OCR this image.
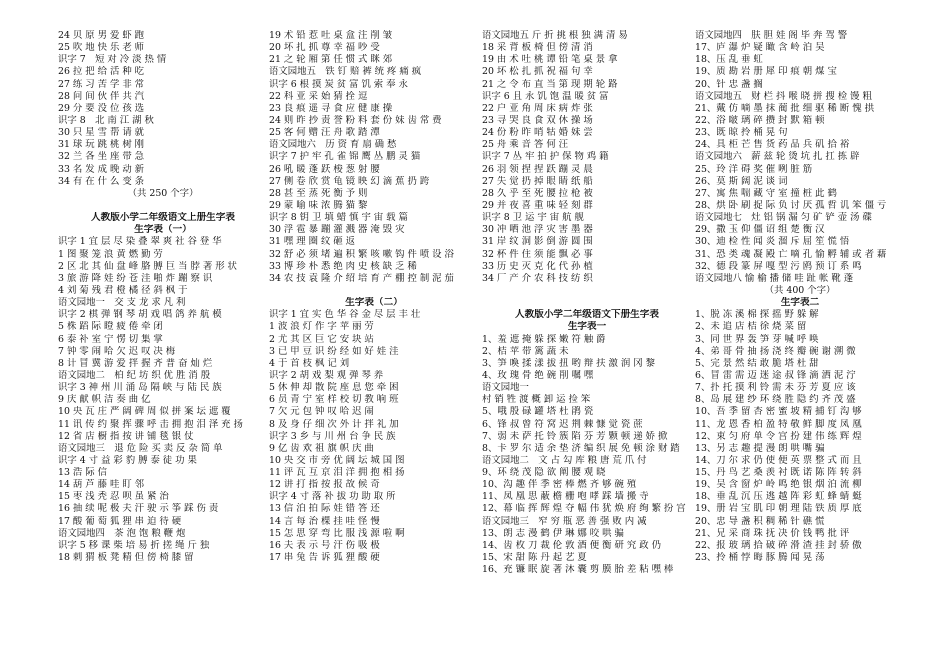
24 贝 原 男 爱 虾 跑
25 吹 地 快 乐 老 师
识字 7　短 对 冷 淡 热 情
26 拉 把 给 活 种 吃
27 练 习 苦 学 非 常
28 问 间 伙 伴 共 汽
29 分 要 没 位 孩 选
识字 8　北 南 江 湖 秋
30 只 星 雪 帮 请 就
31 球 玩 跳 桃 树 刚
32 兰 各 坐 座 带 急
33 名 发 成 晚 动 新
34 有 在 什 么 变 条
（共 250 个字）
人教版小学二年级语文上册生字表
生字表（一）
识字 1 宜 层 尽 染 叠 翠 爽 社 谷 登 华
1 图 聚 笼 浪 黄 燃 勤 劳
2 区 北 其 仙 盘 峰 胳 膊 巨 当 脖 著 形 状
3 旅 游 降 娃 纷 苍 洼 啪 炸 蹦 察 识
4 刘 菊 残 君 橙 橘 径 斜 枫 于
语文园地一　交 支 龙 求 凡 利
识字 2 棋 弹 钢 琴 胡 戏 唱 鸽 养 航 模
5 株 蹈 际 瞪 疲 倦 牵 闭
6 泰 补 室 宁 愣 切 集 掌
7 钟 零 闹 哈 欠 迟 叹 决 梅
8 计 冒 冀 游 爱 拌 握 齐 普 奋 灿 烂
语文园地二　柏 纪 坊 织 优 胜 消 殷
识字 3 神 州 川 涌 岛 隔 峡 与 陆 民 族
9 庆 献 帜 洁 奏 曲 亿
10 央 瓦 庄 严 阔 碑 周 似 拼 案 坛 遮 覆
11 讯 传 约 聚 挥 骤 呼 击 拥 抱 泪 泽 充 扬
12 省 店 橱 指 按 讲 铺 毯 银 仗
语文园地三　退 危 险 买 卖 反 杂 简 单
识字 4 寸 益 彩 豹 膊 泰 徒 功 果
13 浩 际 信
14 葫 芦 藤 哇 盯 邻
15 枣 浅 秃 忍 呗 虽 紧 治
16 抽 续 呢 极 夫 汗 驶 示 筝 踩 伤 责
17 酸 葡 萄 狐 狸 串 迫 待 硬
语文园地四　茶 泡 饱 粮 鞭 炮
识字 5 移 课 柴 培 易 折 搓 绳 斤 独
18 刺 猬 板 凳 精 但 傍 椅 膝 留
19 术 铅 惹 吐 桌 盒 注 削 皱
20 坏 扎 抓 尊 幸 福 吵 受
21 之 轮 厢 第 任 惯 式 眯 郊
语文园地五　铁 钉 赔 裤 统 疼 痛 疯
识字 6 根 摸 炭 贫 富 饥 索 奉 永
22 科 亚 采 始 猜 拴 逗
23 良 痕 遥 寻 食 应 健 康 操
24 则 昨 抄 责 誉 粉 料 套 份 妹 齿 常 费
25 客 何 赠 汪 舟 歌 踏 潭
语文园地六　历 资 育 扇 确 愁
识字 7 护 牢 孔 雀 锦 鹰 丛 鹏 灵 猫
26 吼 暖 蓬 跃 梭 葱 射 腰
27 侧 卷 欣 赏 龟 镜 映 幻 滴 蕉 扔 跨
28 甚 至 蒸 死 衡 予 则
29 蒙 喻 味 浓 腾 猫 黎
识字 8 钥 卫 填 蜡 慎 宇 宙 载 篇
30 浮 雹 暴 蹦 灌 溅 器 淹 毁 灾
31 嘿 理 圈 纹 砸 返
32 舒 必 须 堵 遍 积 繁 咳 嗽 钩 件 喷 设 浴
33 博 珍 朴 悉 绝 肉 史 核 缺 乏 稀
34 农 技 袁 隆 介 绍 培 育 产 棚 控 制 泥 茄
生字表（二）
识字 1 宜 实 色 华 谷 金 尽 层 丰 壮
1 波 浪 灯 作 字 苹 丽 劳
2 尤 其 区 巨 它 安 块 站
3 已 甲 豆 识 纷 经 如 好 娃 洼
4 于 首 枝 枫 记 刘
识字 2 胡 戏 梨 观 弹 琴 养
5 休 伸 却 散 院 座 息 您 牵 困
6 员 青 宁 室 样 校 切 教 响 班
7 欠 元 包 钟 叹 哈 迟 闹
8 及 身 仔 细 次 外 计 拌 礼 加
识字 3 乡 与 川 州 台 争 民 族
9 亿 齿 欢 祖 旗 帜 庆 曲
10 央 交 市 旁 优 阔 坛 城 国 图
11 评 瓦 互 京 泪 洋 拥 抱 相 扬
12 讲 打 指 按 报 故 候 奇
识字 4 寸 落 补 拔 功 助 取 所
13 信 泊 拍 际 娃 错 答 还
14 言 每 治 棵 挂 哇 怪 慢
15 怎 思 穿 弯 比 服 浅 源 啦 啊
16 夫 表 示 号 汗 伤 吸 极
17 串 兔 告 诉 狐 狸 酸 硬
语文园地五 斤 折 挑 根 独 满 清 易
18 采 背 板 椅 但 傍 清 消
19 由 术 吐 桃 谭 铅 笔 桌 景 拿
20 坏 松 扎 抓 祝 福 句 幸
21 之 令 布 直 当 第 现 期 轮 路
识字 6 且 永 饥 饱 温 暖 贫 富
22 户 亚 角 周 床 病 炸 张
23 寻 哭 良 食 双 休 操 场
24 份 粉 昨 哨 牯 婚 妹 尝
25 舟 乘 音 答 何 汪
识字 7 丛 牢 拍 护 保 物 鸡 籍
26 羽 领 捏 捏 跃 蹦 灵 晨
27 失 觉 扔 掉 眼 睛 纸 船
28 久 乎 至 死 腰 拉 枪 被
29 并 夜 喜 重 味 轻 刻 群
识字 8 卫 运 宇 宙 航 舰
30 冲 哂 池 浮 灾 害 墨 器
31 岸 纹 洞 影 倒 游 圆 围
32 杯 件 住 须 能 飘 必 事
33 历 史 灭 克 化 代 孙 植
34 厂 产 介 农 科 技 纺 织
人教版小学二年级语文下册生字表
生字表一
1、羞 遮 掩 躲 探 嫩 符 触 爵
2、桔 苹 带 篱 蔬 未
3、笋 喚 揉 漾 拔 扭 哟 辩 扶 激 润 冈 黎
4、玫 瑰 骨 绝 碗 削 嘱 嘿
语文园地一
村 销 牲 渡 概 卸 运 捡 笨
5、哦 殷 碌 罐 塔 杜 鹃 瓷
6、锋 叔 曾 符 窝 迟 荆 棘 慷 觉 瓷 蔗
7、弱 未 萨 托 铃 簇 陷 芬 芳 颗 顿 递 娇 掀
8、卡 罗 尔 适 余 垫 济 编 织 展 免 顿 涂 财 踏
语文园地二　文 占 勾 库 粮 唐 荒 爪 付
9、环 绕 茂 隐 欲 阐 腰 观 晓
10、沟 趣 伴 季 密 棒 燃 齐 够 碗 殖
11、凤 凰 思 蔽 檐 栅 咆 哮 踩 墙 搬 寺
12、幕 临 挥 辉 煌 夺 幅 伟 犹 焕 府 绚 繁 扮 宫
语文园地三　窄 穷 瓶 恶 善 强 败 内 减
13、朗 志 漫 鹤 伊 琳 娜 咬 哄 骗
14、齿 枚 刀 裁 伦 敦 酒 便 衡 研 究 政 仍
15、宋 甜 陈 丹 起 艺 夏
16、充 镰 眠 旋 著 沐 囊 剪 膜 胎 差 粘 嘿 棒
语文园地四　肤 胆 娃 阁 毕 奔 驾 警
17、庐 瀑 炉 疑 瞰 含 岭 泊 吴
18、压 乱 垂 虹
19、质 勘 岩 册 犀 印 痕 朝 煤 宝
20、针 忠 盏 搁
语文园地五　财 栏 抖 喉 晓 拼 搜 检 馒 粗
21、戴 仿 嘀 墨 抹 蔺 批 细 驱 稀 断 愧 拱
22、浴 啵 璃 碎 攒 封 默 箱 顿
23、既 晾 拎 桶 晃 句
24、具 柜 芒 售 货 药 品 兵 矶 拾 裕
语文园地六　薪 兹 轮 烫 坑 扎 扛 拣 辟
25、玲 洋 碍 奖 催 咧 脏 筋
26、莫 斯 阔 泥 谈 词
27、寓 焦 喘 藏 守 室 撞 桩 此 鹤
28、烘 卧 刷 捉 际 负 讨 厌 孤 哲 讥 笨 僵 亏
语文园地七　灶 铝 锅 漏 匀 矿 铲 壶 汤 碟
29、撒 玉 仰 僵 诏 组 楚 衡 汉
30、迪 检 性 闻 炎 溜 斥 屈 笙 慌 悟
31、恐 类 魂 凝 殿 亡 嘀 孔 愉 孵 辅 或 者 藉
32、德 段 篆 屏 嘎 型 污 鸥 预 订 系 鸣
语文园地八 愉 榆 播 储 哇 趾 帐 靴 蓬
（共 400 个字）
生字表二
1、脱 冻 溪 棉 探 摇 野 躲 解
2、未 追 店 桔 徐 烧 菜 留
3、同 世 界 轰 笋 芽 喊 呼 唤
4、弟 哥 骨 抽 扬 浇 终 瓣 碗 谢 溯 微
5、完 景 然 结 敢 脆 塔 杜 甜
6、冒 雷 需 迈 迷 途 叔 锋 滴 洒 泥 泞
7、扑 托 摸 利 铃 需 未 芬 芳 夏 应 该
8、岛 展 建 纱 环 绕 胜 隐 约 齐 茂 盛
10、吾 季 留 杏 密 蜜 坡 精 捕 钉 沟 够
11、龙 恩 香 柏 盈 特 敬 鲜 脚 度 凤 凰
12、束 匀 府 单 令 宫 扮 建 伟 练 辉 煌
13、另 志 趣 提 漫 朗 哄 嘴 骗
14、刀 尔 求 仍 使 便 英 票 整 式 而 且
15、丹 鸟 艺 桑 羡 衬 既 诺 陈 阵 转 斜
19、吴 含 窗 炉 岭 鸣 绝 银 烟 泊 流 柳
18、垂 乱 沉 压 逃 越 阵 彩 虹 蜂 蜻 蜓
19、册 岩 宝 肌 印 朝 理 陆 铁 质 厚 底
20、忠 导 盏 积 稠 稀 针 礁 慌
21、兄 采 商 珠 抚 决 价 钱 鸭 批 评
22、报 玻 璃 拾 破 碎 滑 渣 挂 封 骄 傲
23、拎 桶 悖 晦 豚 腾 闻 晃 荡
